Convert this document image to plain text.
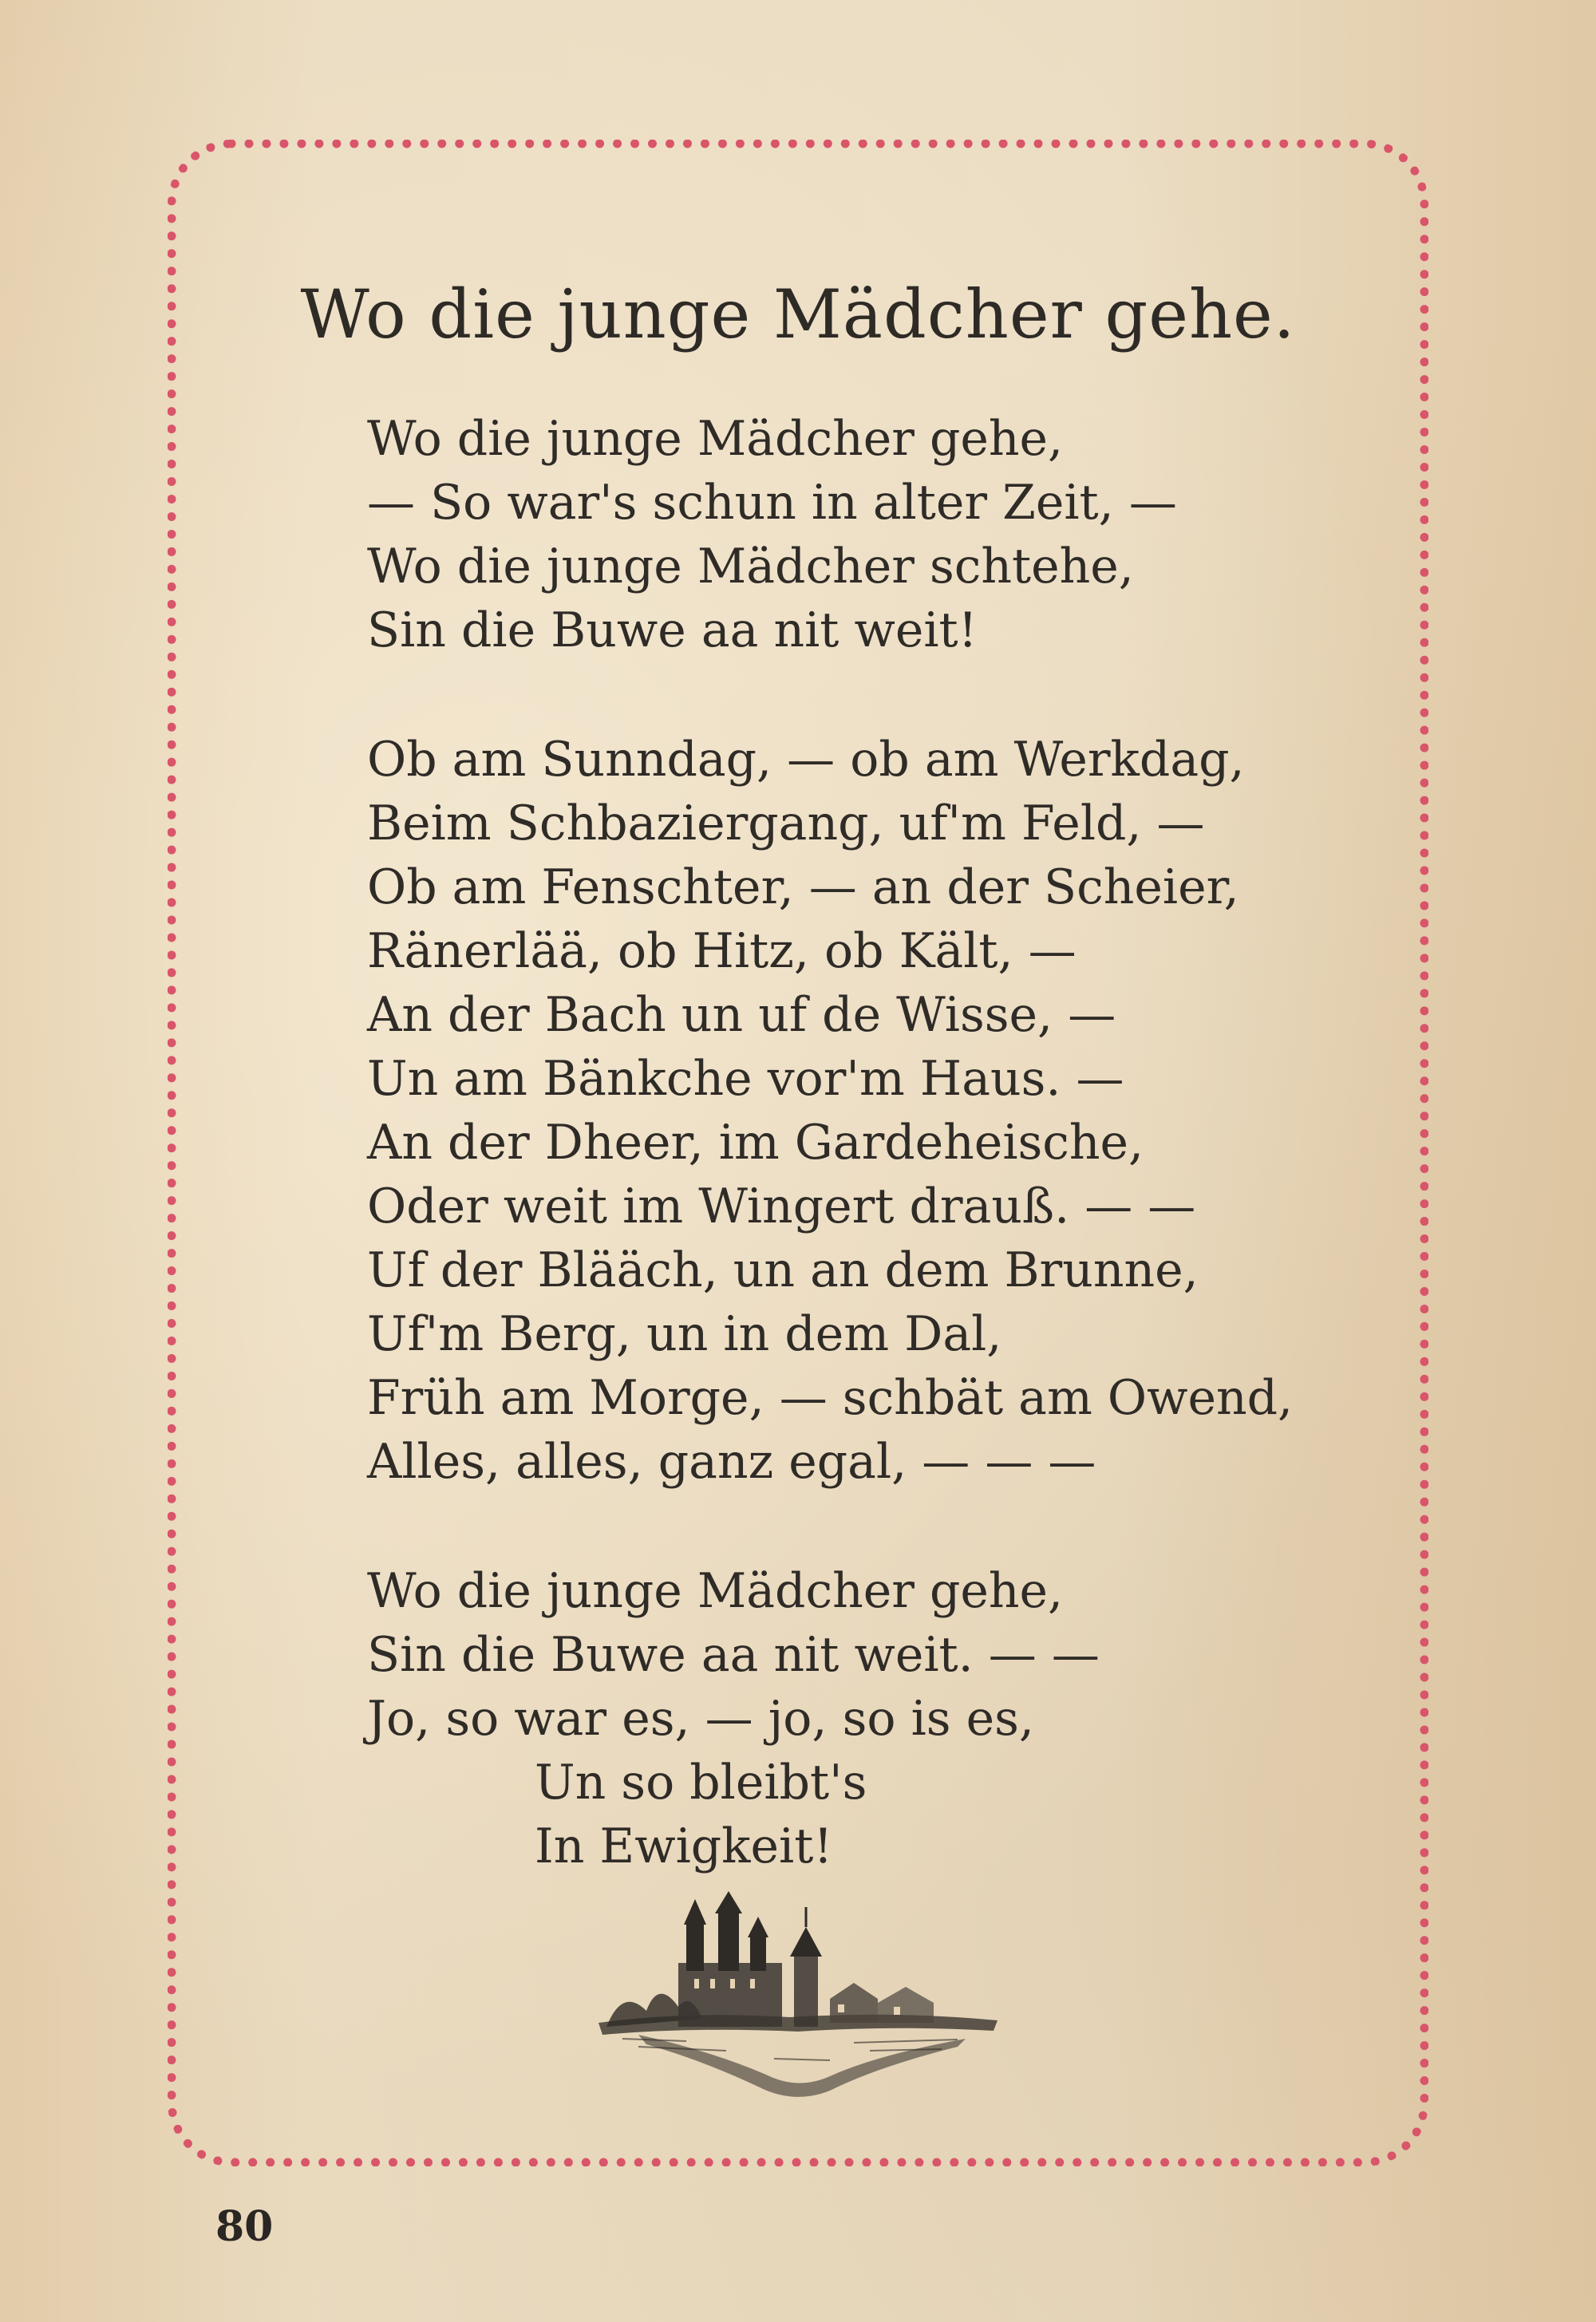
Wo die junge Mädcher gehe.
Wo die junge Mädcher gehe,
— So war's schun in alter Zeit, —
Wo die junge Mädcher schtehe,
Sin die Buwe aa nit weit!
Ob am Sunndag, — ob am Werkdag,
Beim Schbaziergang, uf'm Feld, —
Ob am Fenschter, — an der Scheier,
Ränerlää, ob Hitz, ob Kält, —
An der Bach un uf de Wisse, —
Un am Bänkche vor'm Haus. —
An der Dheer, im Gardeheische,
Oder weit im Wingert drauß. — —
Uf der Blääch, un an dem Brunne,
Uf'm Berg, un in dem Dal,
Früh am Morge, — schbät am Owend,
Alles, alles, ganz egal, — — —
Wo die junge Mädcher gehe,
Sin die Buwe aa nit weit. — —
Jo, so war es, — jo, so is es,
Un so bleibt's
In Ewigkeit!
80
